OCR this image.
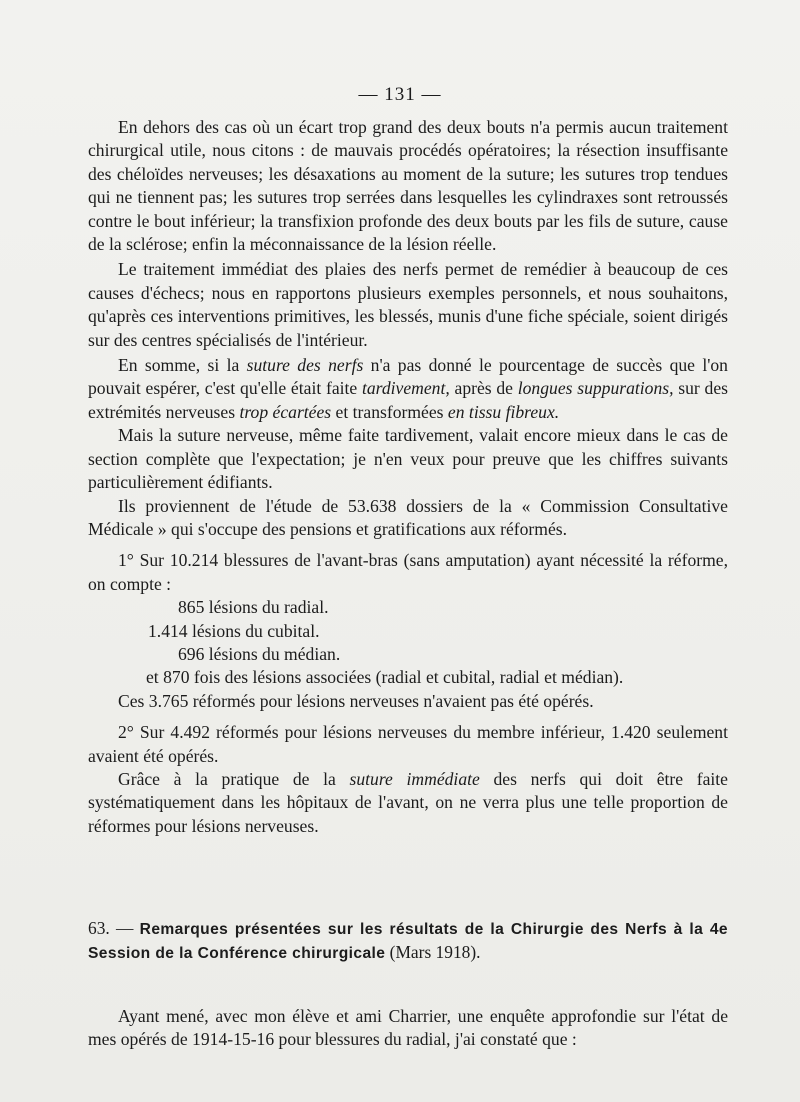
— 131 —

En dehors des cas où un écart trop grand des deux bouts n'a permis aucun traitement chirurgical utile, nous citons : de mauvais procédés opératoires; la résection insuffisante des chéloïdes nerveuses; les désaxations au moment de la suture; les sutures trop tendues qui ne tiennent pas; les sutures trop serrées dans lesquelles les cylindraxes sont retroussés contre le bout inférieur; la transfixion profonde des deux bouts par les fils de suture, cause de la sclérose; enfin la méconnaissance de la lésion réelle.

Le traitement immédiat des plaies des nerfs permet de remédier à beaucoup de ces causes d'échecs; nous en rapportons plusieurs exemples personnels, et nous souhaitons, qu'après ces interventions primitives, les blessés, munis d'une fiche spéciale, soient dirigés sur des centres spécialisés de l'intérieur.

En somme, si la suture des nerfs n'a pas donné le pourcentage de succès que l'on pouvait espérer, c'est qu'elle était faite tardivement, après de longues suppurations, sur des extrémités nerveuses trop écartées et transformées en tissu fibreux.

Mais la suture nerveuse, même faite tardivement, valait encore mieux dans le cas de section complète que l'expectation; je n'en veux pour preuve que les chiffres suivants particulièrement édifiants.

Ils proviennent de l'étude de 53.638 dossiers de la « Commission Consultative Médicale » qui s'occupe des pensions et gratifications aux réformés.

1° Sur 10.214 blessures de l'avant-bras (sans amputation) ayant nécessité la réforme, on compte :

865 lésions du radial.
1.414 lésions du cubital.
696 lésions du médian.
et 870 fois des lésions associées (radial et cubital, radial et médian).

Ces 3.765 réformés pour lésions nerveuses n'avaient pas été opérés.

2° Sur 4.492 réformés pour lésions nerveuses du membre inférieur, 1.420 seulement avaient été opérés.

Grâce à la pratique de la suture immédiate des nerfs qui doit être faite systématiquement dans les hôpitaux de l'avant, on ne verra plus une telle proportion de réformes pour lésions nerveuses.

63. — Remarques présentées sur les résultats de la Chirurgie des Nerfs à la 4e Session de la Conférence chirurgicale (Mars 1918).

Ayant mené, avec mon élève et ami Charrier, une enquête approfondie sur l'état de mes opérés de 1914-15-16 pour blessures du radial, j'ai constaté que :
